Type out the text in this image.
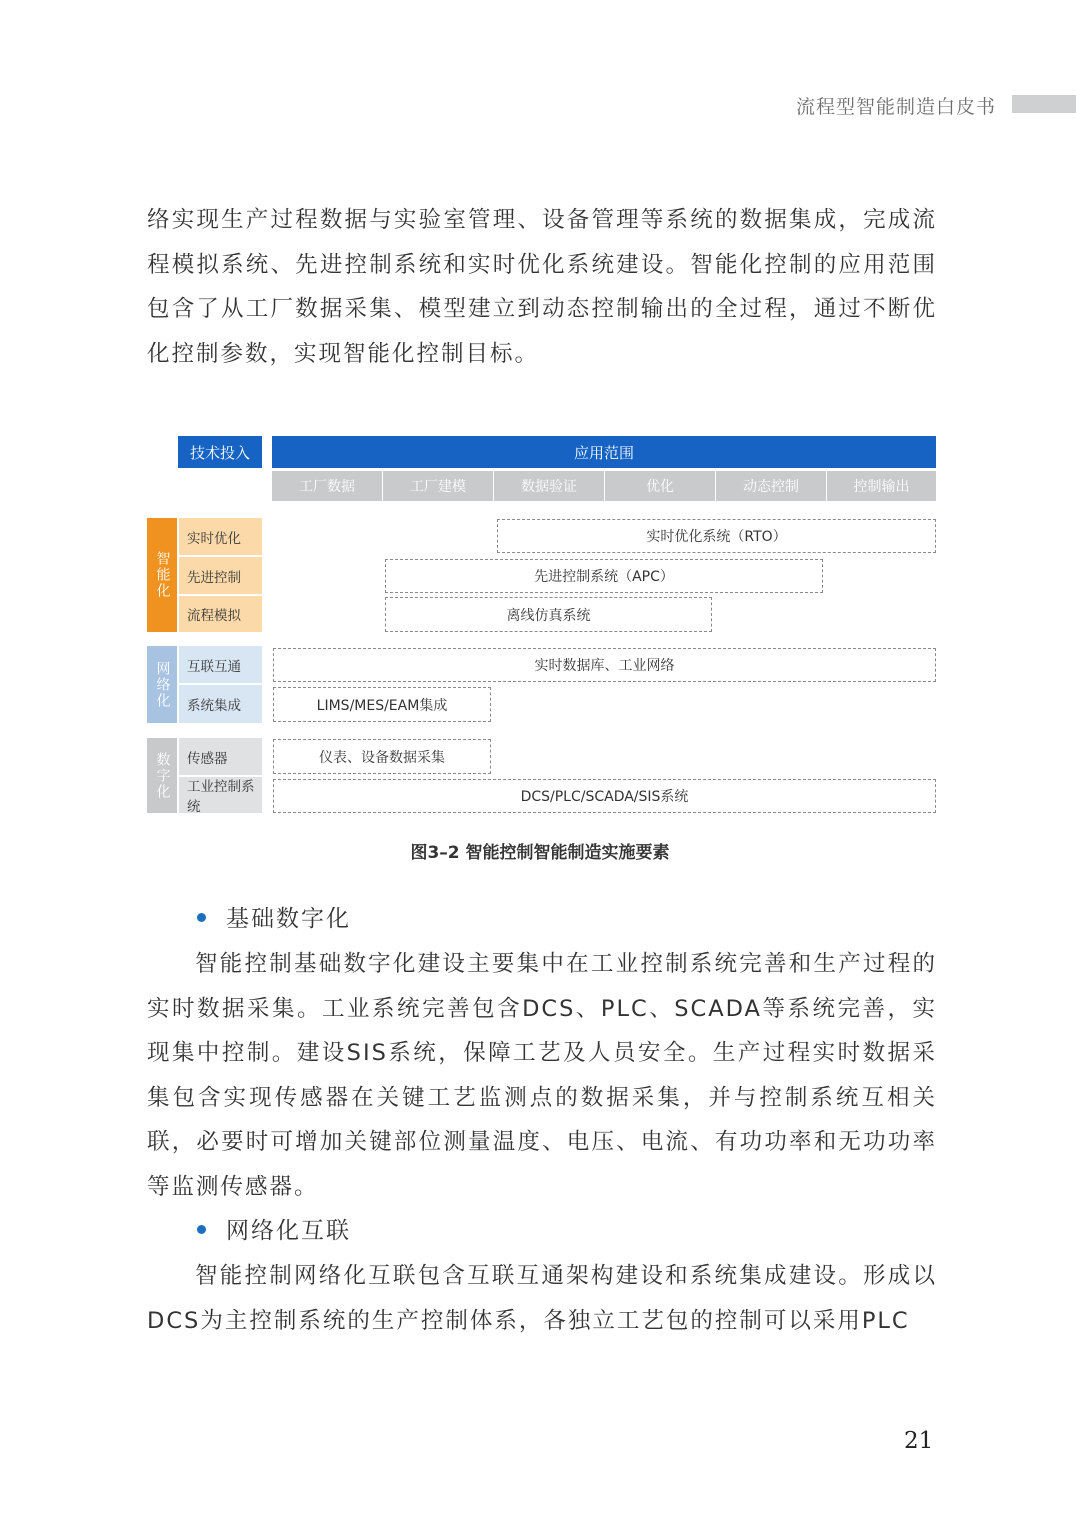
流程型智能制造白皮书

络实现生产过程数据与实验室管理、设备管理等系统的数据集成，完成流程模拟系统、先进控制系统和实时优化系统建设。智能化控制的应用范围包含了从工厂数据采集、模型建立到动态控制输出的全过程，通过不断优化控制参数，实现智能化控制目标。

技术投入	应用范围
工厂数据	工厂建模	数据验证	优化	动态控制	控制输出
智能化
实时优化
先进控制
流程模拟
实时优化系统（RTO）
先进控制系统（APC）
离线仿真系统
网络化	互联互通
系统集成
实时数据库、工业网络
LIMS/MES/EAM集成
数字化	传感器
工业控制系统
仪表、设备数据采集
DCS/PLC/SCADA/SIS系统
图3–2 智能控制智能制造实施要素
基础数字化

智能控制基础数字化建设主要集中在工业控制系统完善和生产过程的实时数据采集。工业系统完善包含DCS、PLC、SCADA等系统完善，实现集中控制。建设SIS系统，保障工艺及人员安全。生产过程实时数据采集包含实现传感器在关键工艺监测点的数据采集，并与控制系统互相关联，必要时可增加关键部位测量温度、电压、电流、有功功率和无功功率等监测传感器。

网络化互联

智能控制网络化互联包含互联互通架构建设和系统集成建设。形成以DCS为主控制系统的生产控制体系，各独立工艺包的控制可以采用PLC

21
